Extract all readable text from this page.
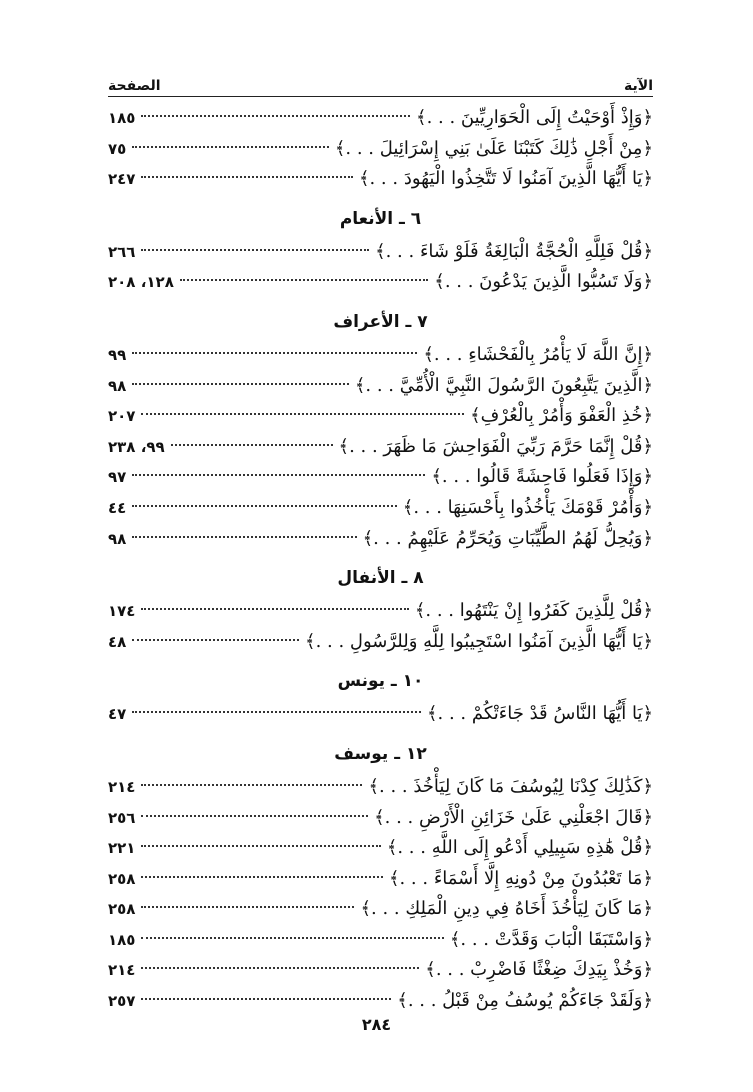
الآية
الصفحة
﴿وَإِذْ أَوْحَيْتُ إِلَى الْحَوَارِيِّينَ . . .﴾
١٨٥
﴿مِنْ أَجْلِ ذَٰلِكَ كَتَبْنَا عَلَىٰ بَنِي إِسْرَائِيلَ . . .﴾
٧٥
﴿يَا أَيُّهَا الَّذِينَ آمَنُوا لَا تَتَّخِذُوا الْيَهُودَ . . .﴾
٢٤٧
٦ ـ الأنعام
﴿قُلْ فَلِلَّهِ الْحُجَّةُ الْبَالِغَةُ فَلَوْ شَاءَ . . .﴾
٢٦٦
﴿وَلَا تَسُبُّوا الَّذِينَ يَدْعُونَ . . .﴾
١٢٨، ٢٠٨
٧ ـ الأعراف
﴿إِنَّ اللَّهَ لَا يَأْمُرُ بِالْفَحْشَاءِ . . .﴾
٩٩
﴿الَّذِينَ يَتَّبِعُونَ الرَّسُولَ النَّبِيَّ الْأُمِّيَّ . . .﴾
٩٨
﴿خُذِ الْعَفْوَ وَأْمُرْ بِالْعُرْفِ﴾
٢٠٧
﴿قُلْ إِنَّمَا حَرَّمَ رَبِّيَ الْفَوَاحِشَ مَا ظَهَرَ . . .﴾
٩٩، ٢٣٨
﴿وَإِذَا فَعَلُوا فَاحِشَةً قَالُوا . . .﴾
٩٧
﴿وَأْمُرْ قَوْمَكَ يَأْخُذُوا بِأَحْسَنِهَا . . .﴾
٤٤
﴿وَيُحِلُّ لَهُمُ الطَّيِّبَاتِ وَيُحَرِّمُ عَلَيْهِمُ . . .﴾
٩٨
٨ ـ الأنفال
﴿قُلْ لِلَّذِينَ كَفَرُوا إِنْ يَنْتَهُوا . . .﴾
١٧٤
﴿يَا أَيُّهَا الَّذِينَ آمَنُوا اسْتَجِيبُوا لِلَّهِ وَلِلرَّسُولِ . . .﴾
٤٨
١٠ ـ يونس
﴿يَا أَيُّهَا النَّاسُ قَدْ جَاءَتْكُمْ . . .﴾
٤٧
١٢ ـ يوسف
﴿كَذَٰلِكَ كِدْنَا لِيُوسُفَ مَا كَانَ لِيَأْخُذَ . . .﴾
٢١٤
﴿قَالَ اجْعَلْنِي عَلَىٰ خَزَائِنِ الْأَرْضِ . . .﴾
٢٥٦
﴿قُلْ هَٰذِهِ سَبِيلِي أَدْعُو إِلَى اللَّهِ . . .﴾
٢٢١
﴿مَا تَعْبُدُونَ مِنْ دُونِهِ إِلَّا أَسْمَاءً . . .﴾
٢٥٨
﴿مَا كَانَ لِيَأْخُذَ أَخَاهُ فِي دِينِ الْمَلِكِ . . .﴾
٢٥٨
﴿وَاسْتَبَقَا الْبَابَ وَقَدَّتْ . . .﴾
١٨٥
﴿وَخُذْ بِيَدِكَ ضِغْثًا فَاضْرِبْ . . .﴾
٢١٤
﴿وَلَقَدْ جَاءَكُمْ يُوسُفُ مِنْ قَبْلُ . . .﴾
٢٥٧
٢٨٤
